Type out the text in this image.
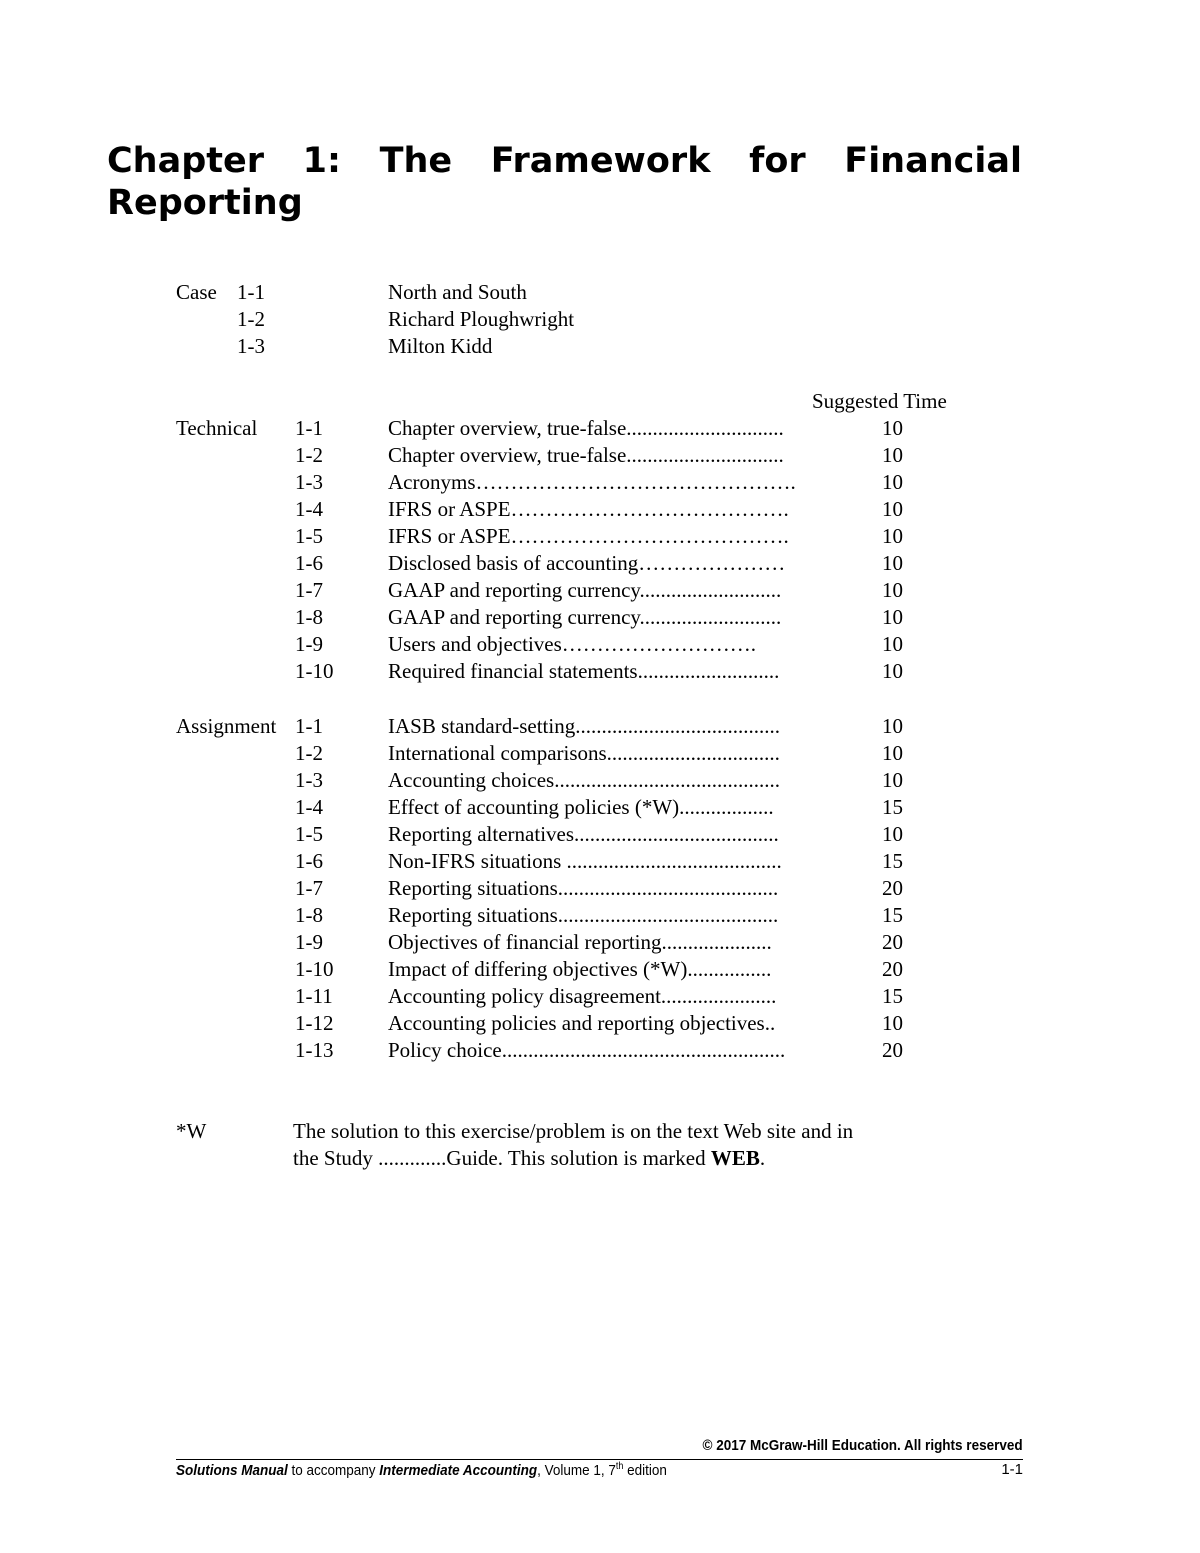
Chapter 1: The Framework for Financial Reporting
Case 1-1	North and South
1-2	Richard Ploughwright
1-3	Milton Kidd
Suggested Time
Technical 1-1	Chapter overview, true-false..............................	10
1-2	Chapter overview, true-false..............................	10
1-3	Acronyms……………………………………….	10
1-4	IFRS or ASPE………………………………….	10
1-5	IFRS or ASPE………………………………….	10
1-6	Disclosed basis of accounting…………………	10
1-7	GAAP and reporting currency...........................	10
1-8	GAAP and reporting currency...........................	10
1-9	Users and objectives……………………….	10
1-10	Required financial statements...........................	10
Assignment 1-1	IASB standard-setting.......................................	10
1-2	International comparisons.................................	10
1-3	Accounting choices...........................................	10
1-4	Effect of accounting policies (*W)..................	15
1-5	Reporting alternatives.......................................	10
1-6	Non-IFRS situations .........................................	15
1-7	Reporting situations..........................................	20
1-8	Reporting situations..........................................	15
1-9	Objectives of financial reporting.....................	20
1-10	Impact of differing objectives (*W)................	20
1-11	Accounting policy disagreement......................	15
1-12	Accounting policies and reporting objectives..	10
1-13	Policy choice......................................................	20
*W	The solution to this exercise/problem is on the text Web site and in
the Study .............Guide. This solution is marked WEB.
© 2017 McGraw-Hill Education. All rights reserved
Solutions Manual to accompany Intermediate Accounting, Volume 1, 7th edition	1-1
